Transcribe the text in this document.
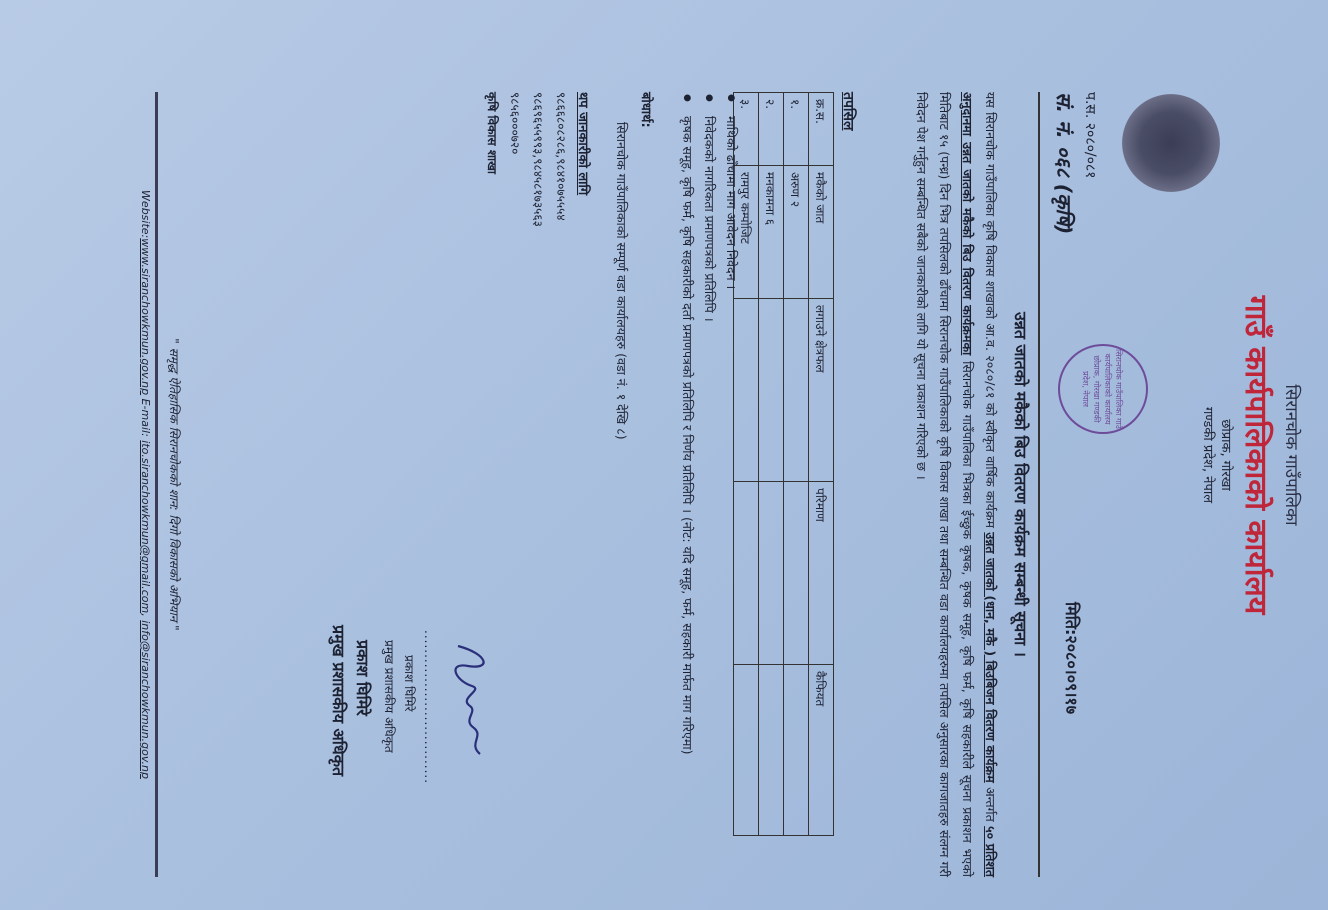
सिरानचोक गाउँपालिका
गाउँ कार्यपालिकाको कार्यालय
छोप्राक, गोरखा
गण्डकी प्रदेश, नेपाल
सिरानचोक गाउँपालिका गाउँ कार्यपालिकाको कार्यालय छोप्राक, गोरखा गण्डकी प्रदेश, नेपाल
प.स. २०८०/०८१
सं. नं. ०६८ (कृषि)
मिति:२०८०।०९।१७
उन्नत जातको मकैको बिउ वितरण कार्यक्रम सम्बन्धी सूचना ।
यस सिरानचोक गाउँपालिका कृषि विकास शाखाको आ.व. २०८०/८१ को स्वीकृत वार्षिक कार्यक्रम उन्नत जातको (धान, मकै ) बिउबिजन वितरण कार्यक्रम अन्तर्गत ५० प्रतिशत अनुदानमा उन्नत जातको मकैको बिउ वितरण कार्यक्रमका सिरानचोक गाउँपालिका भित्रका ईच्छुक कृषक, कृषक समूह, कृषि फर्म, कृषि सहकारीले सूचना प्रकाशन भएको मितिबाट १५ (पन्ध्र) दिन भित्र तपसिलको ढाँचामा सिरानचोक गाउँपालिकाको कृषि विकास शाखा तथा सम्बन्धित वडा कार्यालयहरुमा तपसिल अनुसारका कागजातहरु संलग्न गरी निवेदन पेश गर्नुहुन सम्बन्धित सबैको जानकारीको लागि यो सूचना प्रकाशन गरिएको छ ।
तपसिल
क्र.स.	मकैको जात	लगाउने क्षेत्रफल	परिमाण	कैफियत
१.	अरुण २			
२.	मनकामना ६			
३.	रामपुर कम्पोजिट			
● माथिको ढाँचामा माग आवेदन निवेदन ।
● निवेदकको नागरिकता प्रमाणपत्रको प्रतिलिपि ।
● कृषक समूह, कृषि फर्म, कृषि सहकारीको दर्ता प्रमाणपत्रको प्रतिलिपि र निर्णय प्रतिलिपि । (नोट: यदि समूह, फर्म, सहकारी मार्फत माग गरिएमा)
बोधार्थ:
सिरानचोक गाउँपालिकाको सम्पूर्ण वडा कार्यालयहरु (वडा नं. १ देखि ८)
थप जानकारीको लागि
९८६६८०८२८६,९८४१०७५५५४
९८६९६५५९९३,९८४५८१७३५६३
९८५६०००७२०
कृषि विकास शाखा
................................
प्रकाश घिमिरे
प्रमुख प्रशासकीय अधिकृत
प्रकाश घिमिरे
प्रमुख प्रशासकीय अधिकृत
" समृद्ध ऐतिहासिक सिरानचोकको शान: दिगो विकासको अभियान "
Website:www.siranchowkmun.gov.np E-mail: ito.siranchowkmun@gmail.com, info@siranchowkmun.gov.np
